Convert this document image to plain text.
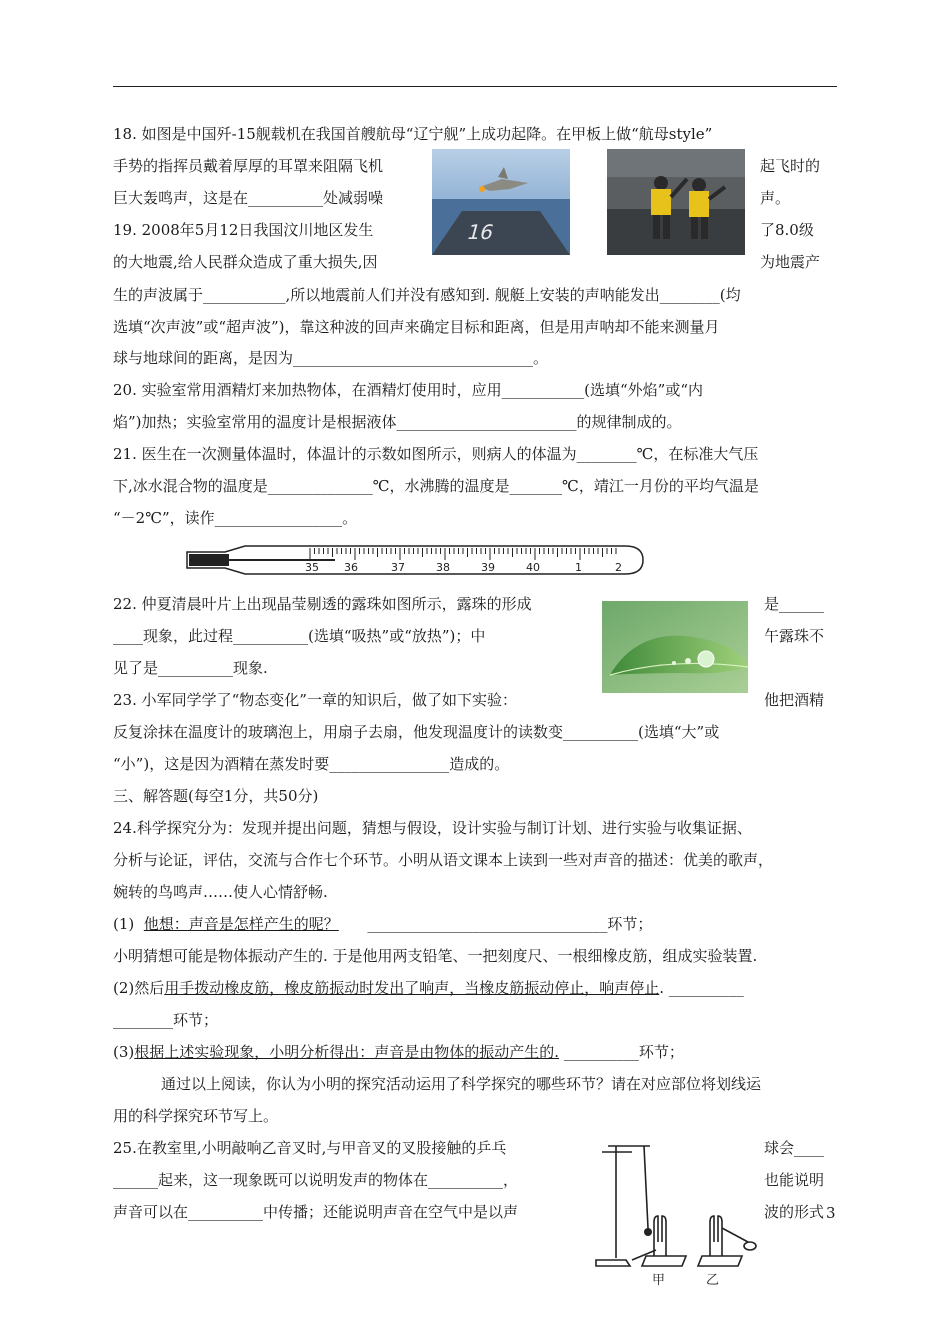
18. 如图是中国歼-15舰载机在我国首艘航母“辽宁舰”上成功起降。在甲板上做“航母style”
手势的指挥员戴着厚厚的耳罩来阻隔飞机	起飞时的
巨大轰鸣声，这是在__________处减弱噪	声。
16
19. 2008年5月12日我国汶川地区发生	了8.0级
的大地震,给人民群众造成了重大损失,因	为地震产
生的声波属于___________,所以地震前人们并没有感知到. 舰艇上安装的声呐能发出________(均
选填“次声波”或“超声波”)，靠这种波的回声来确定目标和距离，但是用声呐却不能来测量月
球与地球间的距离，是因为________________________________。
20. 实验室常用酒精灯来加热物体，在酒精灯使用时，应用___________(选填“外焰”或“内
焰”)加热；实验室常用的温度计是根据液体________________________的规律制成的。
21. 医生在一次测量体温时，体温计的示数如图所示，则病人的体温为________℃，在标准大气压
下,冰水混合物的温度是______________℃，水沸腾的温度是_______℃，靖江一月份的平均气温是
“－2℃”，读作_________________。
35 36	37	38	39	40	1	2
22. 仲夏清晨叶片上出现晶莹剔透的露珠如图所示，露珠的形成	是______
____现象，此过程__________(选填“吸热”或“放热”)；中	午露珠不
见了是__________现象.
23. 小军同学学了“物态变化”一章的知识后，做了如下实验：	他把酒精
反复涂抹在温度计的玻璃泡上，用扇子去扇，他发现温度计的读数变__________(选填“大”或
“小”)，这是因为酒精在蒸发时要________________造成的。
三、解答题(每空1分，共50分)
24.科学探究分为：发现并提出问题，猜想与假设，设计实验与制订计划、进行实验与收集证据、
分析与论证，评估，交流与合作七个环节。小明从语文课本上读到一些对声音的描述：优美的歌声，
婉转的鸟鸣声……使人心情舒畅.
(1) 他想：声音是怎样产生的呢？ ________________________________环节；
小明猜想可能是物体振动产生的. 于是他用两支铅笔、一把刻度尺、一根细橡皮筋，组成实验装置.
(2)然后用手拨动橡皮筋，橡皮筋振动时发出了响声，当橡皮筋振动停止，响声停止. __________
________环节；
(3)根据上述实验现象，小明分析得出：声音是由物体的振动产生的. __________环节；
通过以上阅读，你认为小明的探究活动运用了科学探究的哪些环节？请在对应部位将划线运
用的科学探究环节写上。
25.在教室里,小明敲响乙音叉时,与甲音叉的叉股接触的乒乓	球会____
______起来，这一现象既可以说明发声的物体在__________，	也能说明
声音可以在__________中传播；还能说明声音在空气中是以声	波的形式
甲	乙
3
